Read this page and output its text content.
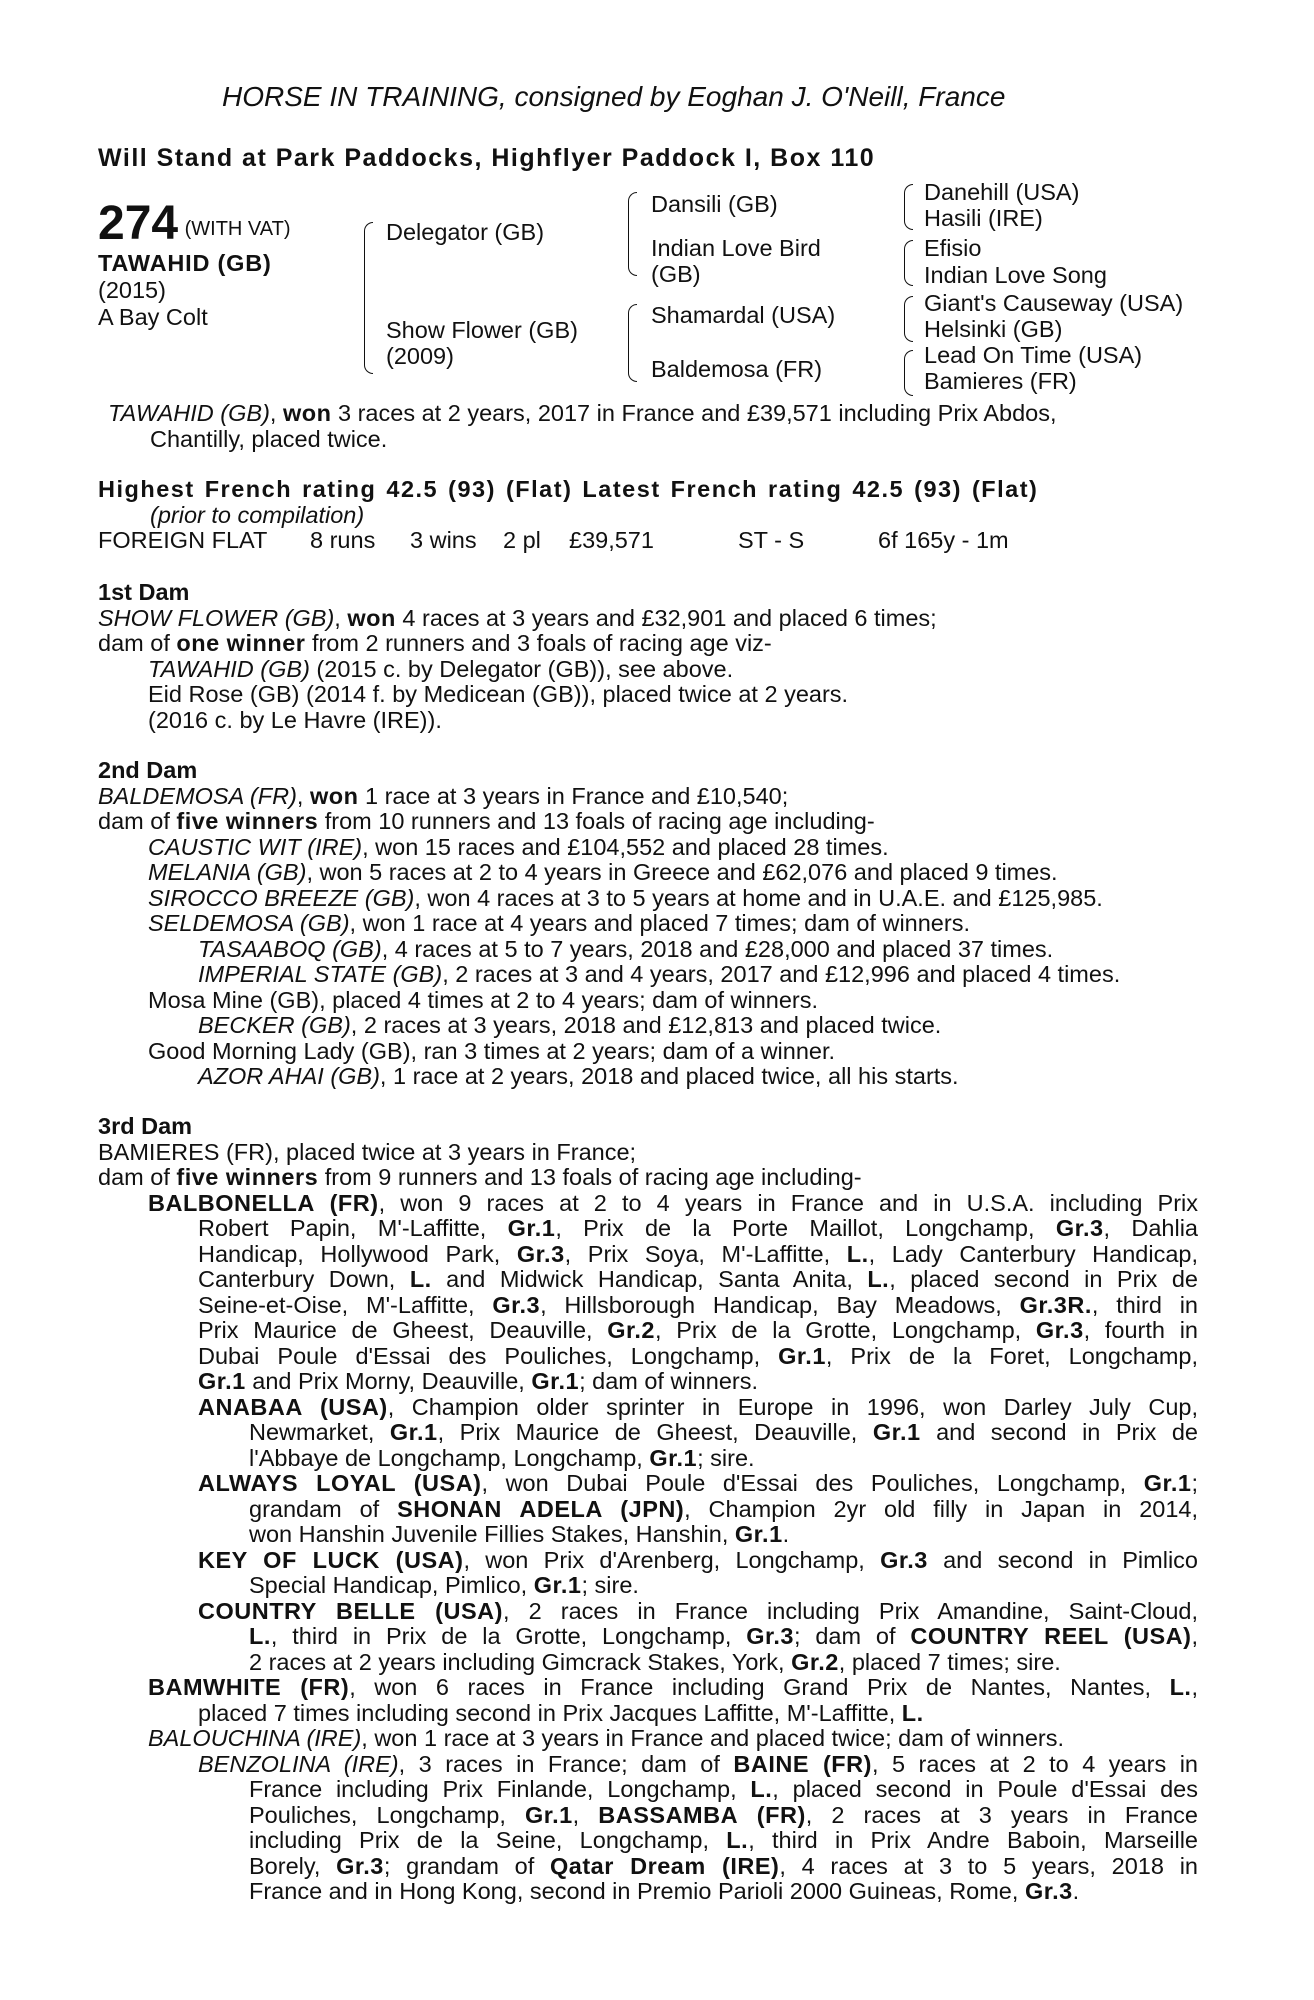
HORSE IN TRAINING, consigned by Eoghan J. O'Neill, France
Will Stand at Park Paddocks, Highflyer Paddock I, Box 110
274 (WITH VAT)
TAWAHID (GB)
(2015)
A Bay Colt
Delegator (GB)
Show Flower (GB)
(2009)
Dansili (GB)
Indian Love Bird
(GB)
Shamardal (USA)
Baldemosa (FR)
Danehill (USA)
Hasili (IRE)
Efisio
Indian Love Song
Giant's Causeway (USA)
Helsinki (GB)
Lead On Time (USA)
Bamieres (FR)
TAWAHID (GB), won 3 races at 2 years, 2017 in France and £39,571 including Prix Abdos,
Chantilly, placed twice.
Highest French rating 42.5 (93) (Flat) Latest French rating 42.5 (93) (Flat)
(prior to compilation)
FOREIGN FLAT 8 runs 3 wins 2 pl £39,571	ST - S	6f 165y - 1m
1st Dam
SHOW FLOWER (GB), won 4 races at 3 years and £32,901 and placed 6 times;
dam of one winner from 2 runners and 3 foals of racing age viz-
TAWAHID (GB) (2015 c. by Delegator (GB)), see above.
Eid Rose (GB) (2014 f. by Medicean (GB)), placed twice at 2 years.
(2016 c. by Le Havre (IRE)).
2nd Dam
BALDEMOSA (FR), won 1 race at 3 years in France and £10,540;
dam of five winners from 10 runners and 13 foals of racing age including-
CAUSTIC WIT (IRE), won 15 races and £104,552 and placed 28 times.
MELANIA (GB), won 5 races at 2 to 4 years in Greece and £62,076 and placed 9 times.
SIROCCO BREEZE (GB), won 4 races at 3 to 5 years at home and in U.A.E. and £125,985.
SELDEMOSA (GB), won 1 race at 4 years and placed 7 times; dam of winners.
TASAABOQ (GB), 4 races at 5 to 7 years, 2018 and £28,000 and placed 37 times.
IMPERIAL STATE (GB), 2 races at 3 and 4 years, 2017 and £12,996 and placed 4 times.
Mosa Mine (GB), placed 4 times at 2 to 4 years; dam of winners.
BECKER (GB), 2 races at 3 years, 2018 and £12,813 and placed twice.
Good Morning Lady (GB), ran 3 times at 2 years; dam of a winner.
AZOR AHAI (GB), 1 race at 2 years, 2018 and placed twice, all his starts.
3rd Dam
BAMIERES (FR), placed twice at 3 years in France;
dam of five winners from 9 runners and 13 foals of racing age including-
BALBONELLA (FR), won 9 races at 2 to 4 years in France and in U.S.A. including Prix
Robert Papin, M'-Laffitte, Gr.1, Prix de la Porte Maillot, Longchamp, Gr.3, Dahlia
Handicap, Hollywood Park, Gr.3, Prix Soya, M'-Laffitte, L., Lady Canterbury Handicap,
Canterbury Down, L. and Midwick Handicap, Santa Anita, L., placed second in Prix de
Seine-et-Oise, M'-Laffitte, Gr.3, Hillsborough Handicap, Bay Meadows, Gr.3R., third in
Prix Maurice de Gheest, Deauville, Gr.2, Prix de la Grotte, Longchamp, Gr.3, fourth in
Dubai Poule d'Essai des Pouliches, Longchamp, Gr.1, Prix de la Foret, Longchamp,
Gr.1 and Prix Morny, Deauville, Gr.1; dam of winners.
ANABAA (USA), Champion older sprinter in Europe in 1996, won Darley July Cup,
Newmarket, Gr.1, Prix Maurice de Gheest, Deauville, Gr.1 and second in Prix de
l'Abbaye de Longchamp, Longchamp, Gr.1; sire.
ALWAYS LOYAL (USA), won Dubai Poule d'Essai des Pouliches, Longchamp, Gr.1;
grandam of SHONAN ADELA (JPN), Champion 2yr old filly in Japan in 2014,
won Hanshin Juvenile Fillies Stakes, Hanshin, Gr.1.
KEY OF LUCK (USA), won Prix d'Arenberg, Longchamp, Gr.3 and second in Pimlico
Special Handicap, Pimlico, Gr.1; sire.
COUNTRY BELLE (USA), 2 races in France including Prix Amandine, Saint-Cloud,
L., third in Prix de la Grotte, Longchamp, Gr.3; dam of COUNTRY REEL (USA),
2 races at 2 years including Gimcrack Stakes, York, Gr.2, placed 7 times; sire.
BAMWHITE (FR), won 6 races in France including Grand Prix de Nantes, Nantes, L.,
placed 7 times including second in Prix Jacques Laffitte, M'-Laffitte, L.
BALOUCHINA (IRE), won 1 race at 3 years in France and placed twice; dam of winners.
BENZOLINA (IRE), 3 races in France; dam of BAINE (FR), 5 races at 2 to 4 years in
France including Prix Finlande, Longchamp, L., placed second in Poule d'Essai des
Pouliches, Longchamp, Gr.1, BASSAMBA (FR), 2 races at 3 years in France
including Prix de la Seine, Longchamp, L., third in Prix Andre Baboin, Marseille
Borely, Gr.3; grandam of Qatar Dream (IRE), 4 races at 3 to 5 years, 2018 in
France and in Hong Kong, second in Premio Parioli 2000 Guineas, Rome, Gr.3.
